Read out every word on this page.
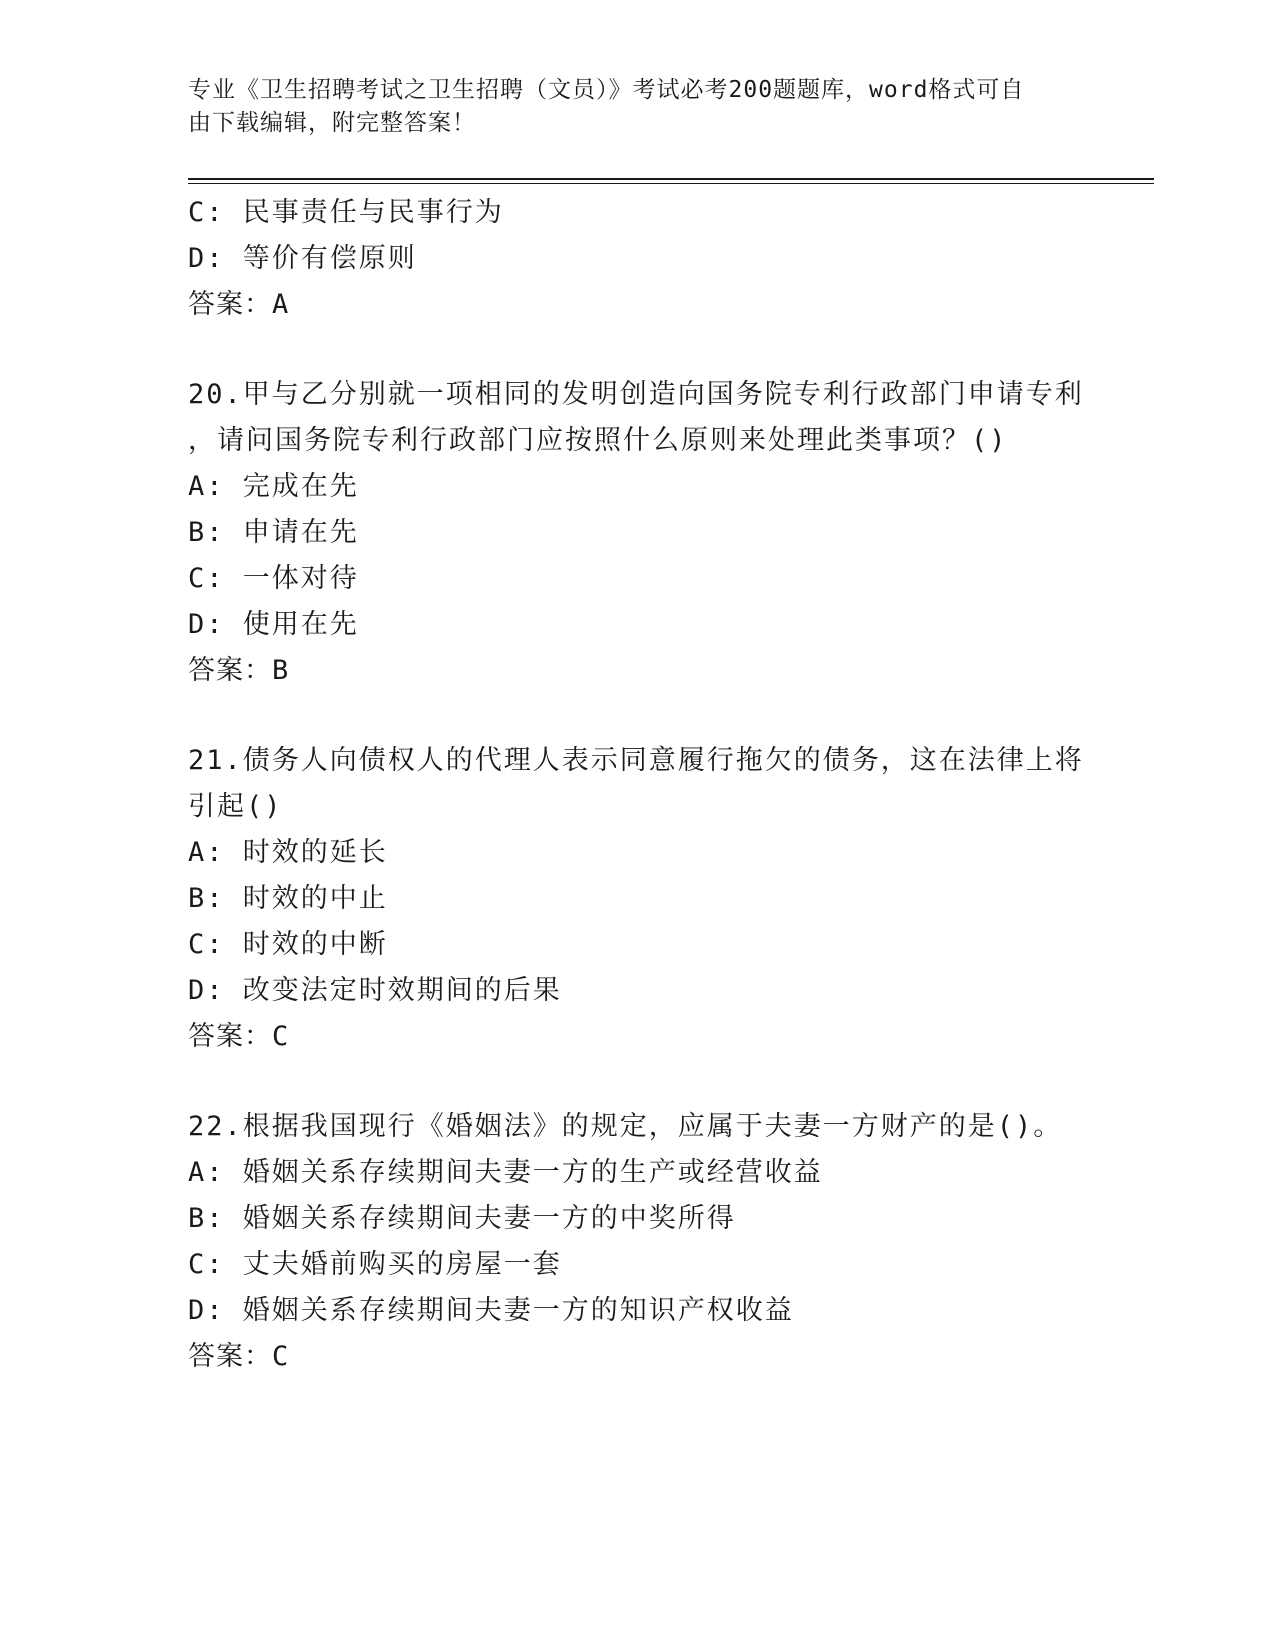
专业《卫生招聘考试之卫生招聘（文员）》考试必考200题题库，word格式可自
由下载编辑，附完整答案！
C: 民事责任与民事行为
D: 等价有偿原则
答案：A
20.甲与乙分别就一项相同的发明创造向国务院专利行政部门申请专利
，请问国务院专利行政部门应按照什么原则来处理此类事项？()
A: 完成在先
B: 申请在先
C: 一体对待
D: 使用在先
答案：B
21.债务人向债权人的代理人表示同意履行拖欠的债务，这在法律上将
引起()
A: 时效的延长
B: 时效的中止
C: 时效的中断
D: 改变法定时效期间的后果
答案：C
22.根据我国现行《婚姻法》的规定，应属于夫妻一方财产的是()。
A: 婚姻关系存续期间夫妻一方的生产或经营收益
B: 婚姻关系存续期间夫妻一方的中奖所得
C: 丈夫婚前购买的房屋一套
D: 婚姻关系存续期间夫妻一方的知识产权收益
答案：C
